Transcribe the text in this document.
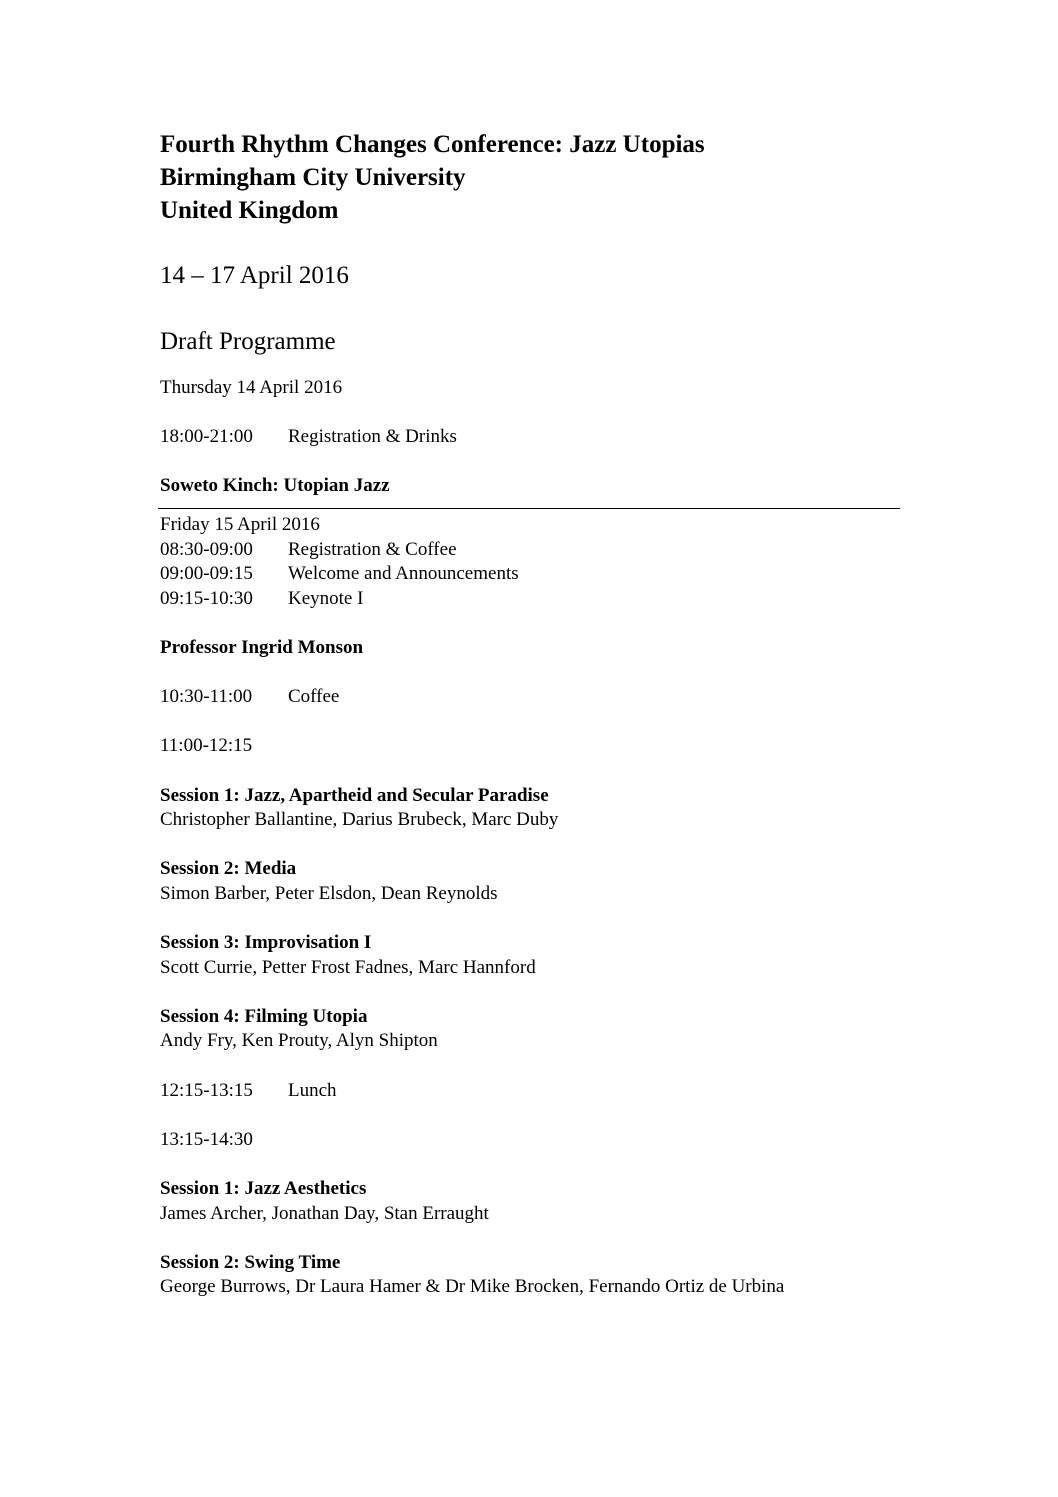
Fourth Rhythm Changes Conference: Jazz Utopias
Birmingham City University
United Kingdom
14 – 17 April 2016
Draft Programme
Thursday 14 April 2016
18:00-21:00	Registration & Drinks
Soweto Kinch: Utopian Jazz
Friday 15 April 2016
08:30-09:00	Registration & Coffee
09:00-09:15	Welcome and Announcements
09:15-10:30	Keynote I
Professor Ingrid Monson
10:30-11:00	Coffee
11:00-12:15
Session 1: Jazz, Apartheid and Secular Paradise
Christopher Ballantine, Darius Brubeck, Marc Duby
Session 2: Media
Simon Barber, Peter Elsdon, Dean Reynolds
Session 3: Improvisation I
Scott Currie, Petter Frost Fadnes, Marc Hannford
Session 4: Filming Utopia
Andy Fry, Ken Prouty, Alyn Shipton
12:15-13:15	Lunch
13:15-14:30
Session 1: Jazz Aesthetics
James Archer, Jonathan Day, Stan Erraught
Session 2: Swing Time
George Burrows, Dr Laura Hamer & Dr Mike Brocken, Fernando Ortiz de Urbina
